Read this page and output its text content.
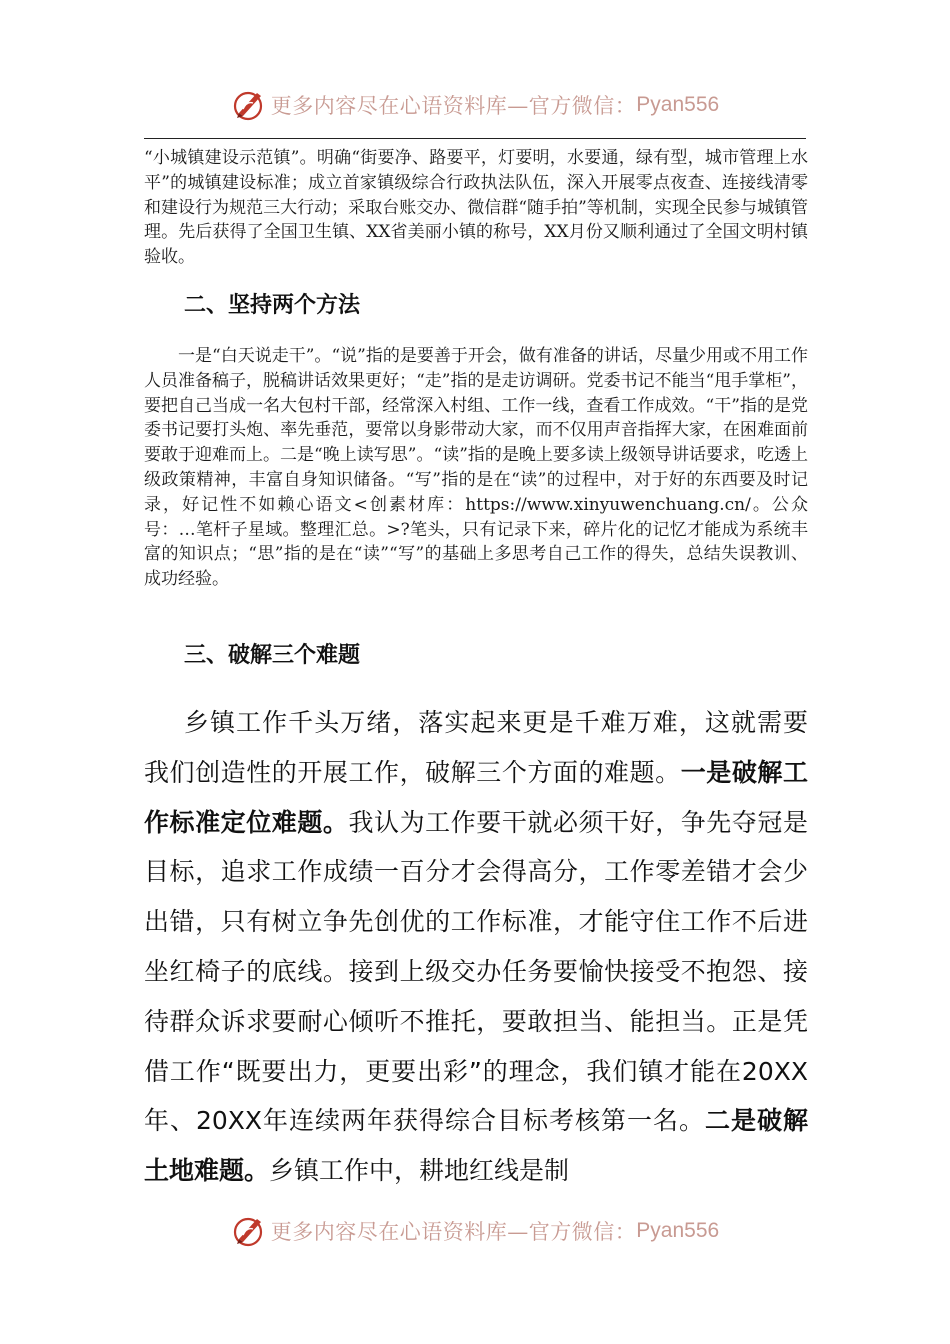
更多内容尽在心语资料库—官方微信： Pyan556

“小城镇建设示范镇”。明确“街要净、路要平，灯要明，水要通，绿有型，城市管理上水平”的城镇建设标准；成立首家镇级综合行政执法队伍，深入开展零点夜查、连接线清零和建设行为规范三大行动；采取台账交办、微信群“随手拍”等机制，实现全民参与城镇管理。先后获得了全国卫生镇、XX省美丽小镇的称号，XX月份又顺利通过了全国文明村镇验收。

二、坚持两个方法

一是“白天说走干”。“说”指的是要善于开会，做有准备的讲话，尽量少用或不用工作人员准备稿子，脱稿讲话效果更好；“走”指的是走访调研。党委书记不能当“甩手掌柜”，要把自己当成一名大包村干部，经常深入村组、工作一线，查看工作成效。“干”指的是党委书记要打头炮、率先垂范，要常以身影带动大家，而不仅用声音指挥大家，在困难面前要敢于迎难而上。二是“晚上读写思”。“读”指的是晚上要多读上级领导讲话要求，吃透上级政策精神，丰富自身知识储备。“写”指的是在“读”的过程中，对于好的东西要及时记录，好记性不如赖心语文<创素材库：https://www.xinyuwenchuang.cn/。公众号：…笔杆子星域。整理汇总。>?笔头，只有记录下来，碎片化的记忆才能成为系统丰富的知识点；“思”指的是在“读”“写”的基础上多思考自己工作的得失，总结失误教训、成功经验。

三、破解三个难题

乡镇工作千头万绪，落实起来更是千难万难，这就需要我们创造性的开展工作，破解三个方面的难题。一是破解工作标准定位难题。我认为工作要干就必须干好，争先夺冠是目标，追求工作成绩一百分才会得高分，工作零差错才会少出错，只有树立争先创优的工作标准，才能守住工作不后进坐红椅子的底线。接到上级交办任务要愉快接受不抱怨、接待群众诉求要耐心倾听不推托，要敢担当、能担当。正是凭借工作“既要出力，更要出彩”的理念，我们镇才能在20XX年、20XX年连续两年获得综合目标考核第一名。二是破解土地难题。乡镇工作中，耕地红线是制

更多内容尽在心语资料库—官方微信： Pyan556
